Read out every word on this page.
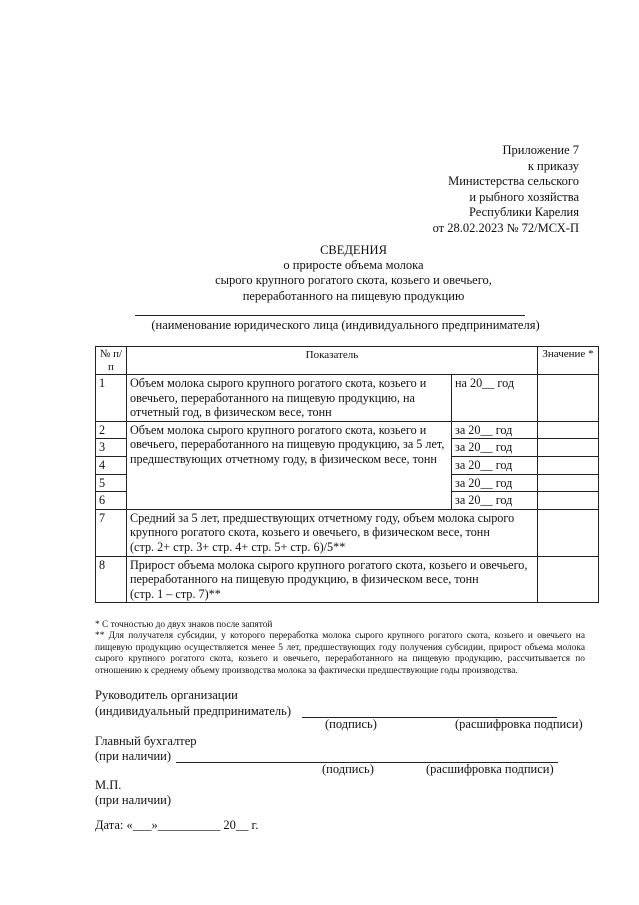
Приложение 7
к приказу
Министерства сельского
и рыбного хозяйства
Республики Карелия
от 28.02.2023 № 72/МСХ-П
СВЕДЕНИЯ
о приросте объема молока
сырого крупного рогатого скота, козьего и овечьего,
переработанного на пищевую продукцию
(наименование юридического лица (индивидуального предпринимателя)
№ п/п	Показатель		Значение *
1	Объем молока сырого крупного рогатого скота, козьего и овечьего, переработанного на пищевую продукцию, на отчетный год, в физическом весе, тонн	на 20__ год	
2	Объем молока сырого крупного рогатого скота, козьего и овечьего, переработанного на пищевую продукцию, за 5 лет, предшествующих отчетному году, в физическом весе, тонн	за 20__ год	
3		за 20__ год	
4		за 20__ год	
5		за 20__ год	
6		за 20__ год	
7	Средний за 5 лет, предшествующих отчетному году, объем молока сырого крупного рогатого скота, козьего и овечьего, в физическом весе, тонн
(стр. 2+ стр. 3+ стр. 4+ стр. 5+ стр. 6)/5**		

8	Прирост объема молока сырого крупного рогатого скота, козьего и овечьего, переработанного на пищевую продукцию, в физическом весе, тонн
(стр. 1 – стр. 7)**		

* С точностью до двух знаков после запятой
** Для получателя субсидии, у которого переработка молока сырого крупного рогатого скота, козьего и овечьего на пищевую продукцию осуществляется менее 5 лет, предшествующих году получения субсидии, прирост объема молока сырого крупного рогатого скота, козьего и овечьего, переработанного на пищевую продукцию, рассчитывается по отношению к среднему объему производства молока за фактически предшествующие годы производства.
Руководитель организации
(индивидуальный предприниматель)
(подпись)	(расшифровка подписи)
Главный бухгалтер
(при наличии)
(подпись)	(расшифровка подписи)
М.П.
(при наличии)
Дата: «___»__________ 20__ г.
